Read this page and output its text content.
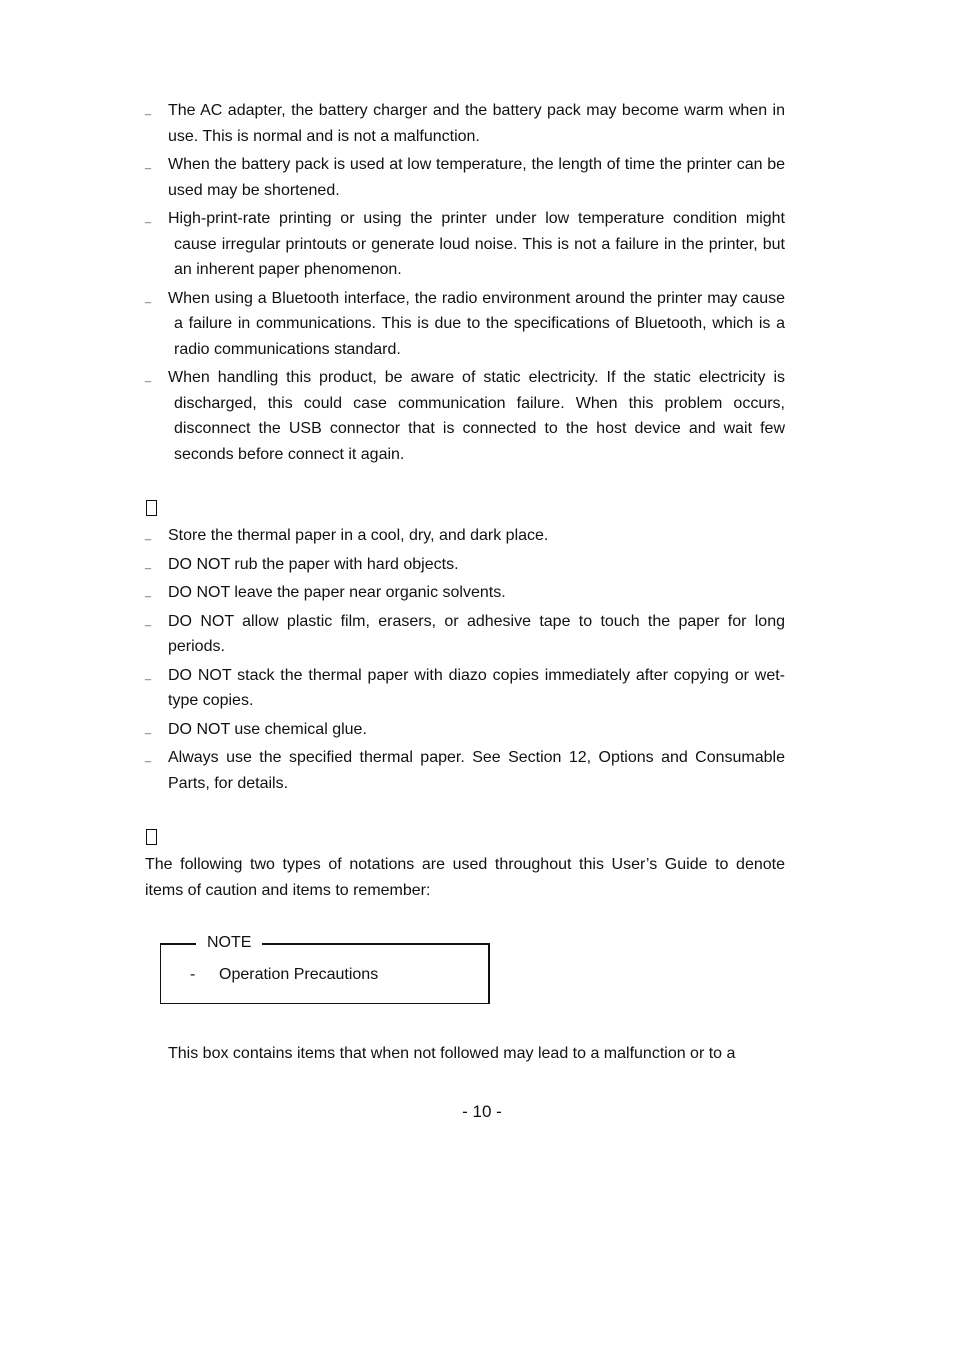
_ The AC adapter, the battery charger and the battery pack may become warm when in use. This is normal and is not a malfunction.
_ When the battery pack is used at low temperature, the length of time the printer can be used may be shortened.
_ High-print-rate printing or using the printer under low temperature condition might cause irregular printouts or generate loud noise. This is not a failure in the printer, but an inherent paper phenomenon.
_ When using a Bluetooth interface, the radio environment around the printer may cause a failure in communications. This is due to the specifications of Bluetooth, which is a radio communications standard.
_ When handling this product, be aware of static electricity. If the static electricity is discharged, this could case communication failure. When this problem occurs, disconnect the USB connector that is connected to the host device and wait few seconds before connect it again.
_ Store the thermal paper in a cool, dry, and dark place.
_ DO NOT rub the paper with hard objects.
_ DO NOT leave the paper near organic solvents.
_ DO NOT allow plastic film, erasers, or adhesive tape to touch the paper for long periods.
_ DO NOT stack the thermal paper with diazo copies immediately after copying or wet-type copies.
_ DO NOT use chemical glue.
_ Always use the specified thermal paper. See Section 12, Options and Consumable Parts, for details.

The following two types of notations are used throughout this User’s Guide to denote items of caution and items to remember:

NOTE
- Operation Precautions

This box contains items that when not followed may lead to a malfunction or to a

- 10 -
